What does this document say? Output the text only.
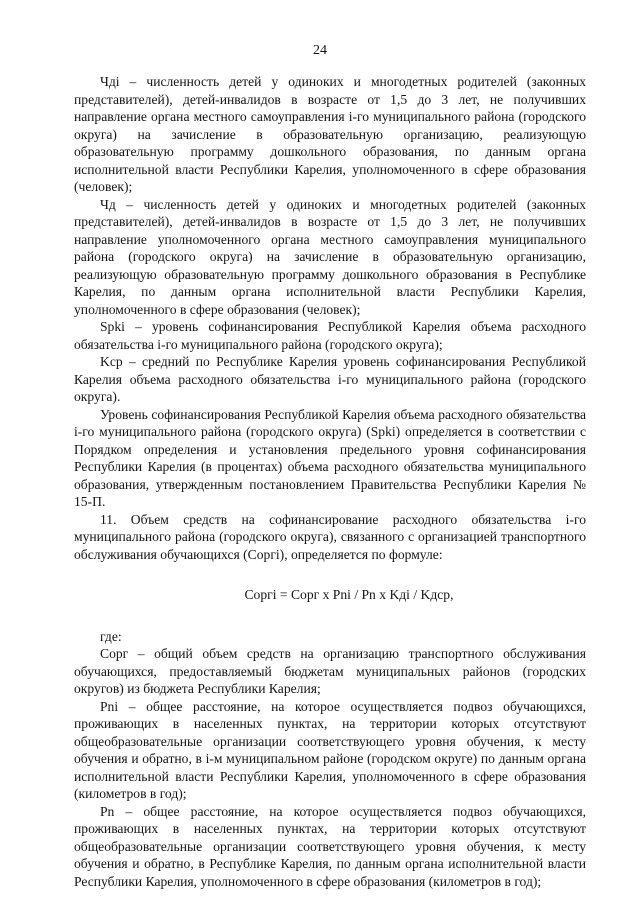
24

Чдi – численность детей у одиноких и многодетных родителей (законных представителей), детей-инвалидов в возрасте от 1,5 до 3 лет, не получивших направление органа местного самоуправления i-го муниципального района (городского округа) на зачисление в образовательную организацию, реализующую образовательную программу дошкольного образования, по данным органа исполнительной власти Республики Карелия, уполномоченного в сфере образования (человек);

Чд – численность детей у одиноких и многодетных родителей (законных представителей), детей-инвалидов в возрасте от 1,5 до 3 лет, не получивших направление уполномоченного органа местного самоуправления муниципального района (городского округа) на зачисление в образовательную организацию, реализующую образовательную программу дошкольного образования в Республике Карелия, по данным органа исполнительной власти Республики Карелия, уполномоченного в сфере образования (человек);

Spki – уровень софинансирования Республикой Карелия объема расходного обязательства i-го муниципального района (городского округа);

Kcp – средний по Республике Карелия уровень софинансирования Республикой Карелия объема расходного обязательства i-го муниципального района (городского округа).

Уровень софинансирования Республикой Карелия объема расходного обязательства i-го муниципального района (городского округа) (Spki) определяется в соответствии с Порядком определения и установления предельного уровня софинансирования Республики Карелия (в процентах) объема расходного обязательства муниципального образования, утвержденным постановлением Правительства Республики Карелия № 15-П.

11. Объем средств на софинансирование расходного обязательства i-го муниципального района (городского округа), связанного с организацией транспортного обслуживания обучающихся (Copгi), определяется по формуле:

Copгi = Copг x Pni / Pn x Kдi / Kдср,

где:

Copг – общий объем средств на организацию транспортного обслуживания обучающихся, предоставляемый бюджетам муниципальных районов (городских округов) из бюджета Республики Карелия;

Pni – общее расстояние, на которое осуществляется подвоз обучающихся, проживающих в населенных пунктах, на территории которых отсутствуют общеобразовательные организации соответствующего уровня обучения, к месту обучения и обратно, в i-м муниципальном районе (городском округе) по данным органа исполнительной власти Республики Карелия, уполномоченного в сфере образования (километров в год);

Pn – общее расстояние, на которое осуществляется подвоз обучающихся, проживающих в населенных пунктах, на территории которых отсутствуют общеобразовательные организации соответствующего уровня обучения, к месту обучения и обратно, в Республике Карелия, по данным органа исполнительной власти Республики Карелия, уполномоченного в сфере образования (километров в год);
